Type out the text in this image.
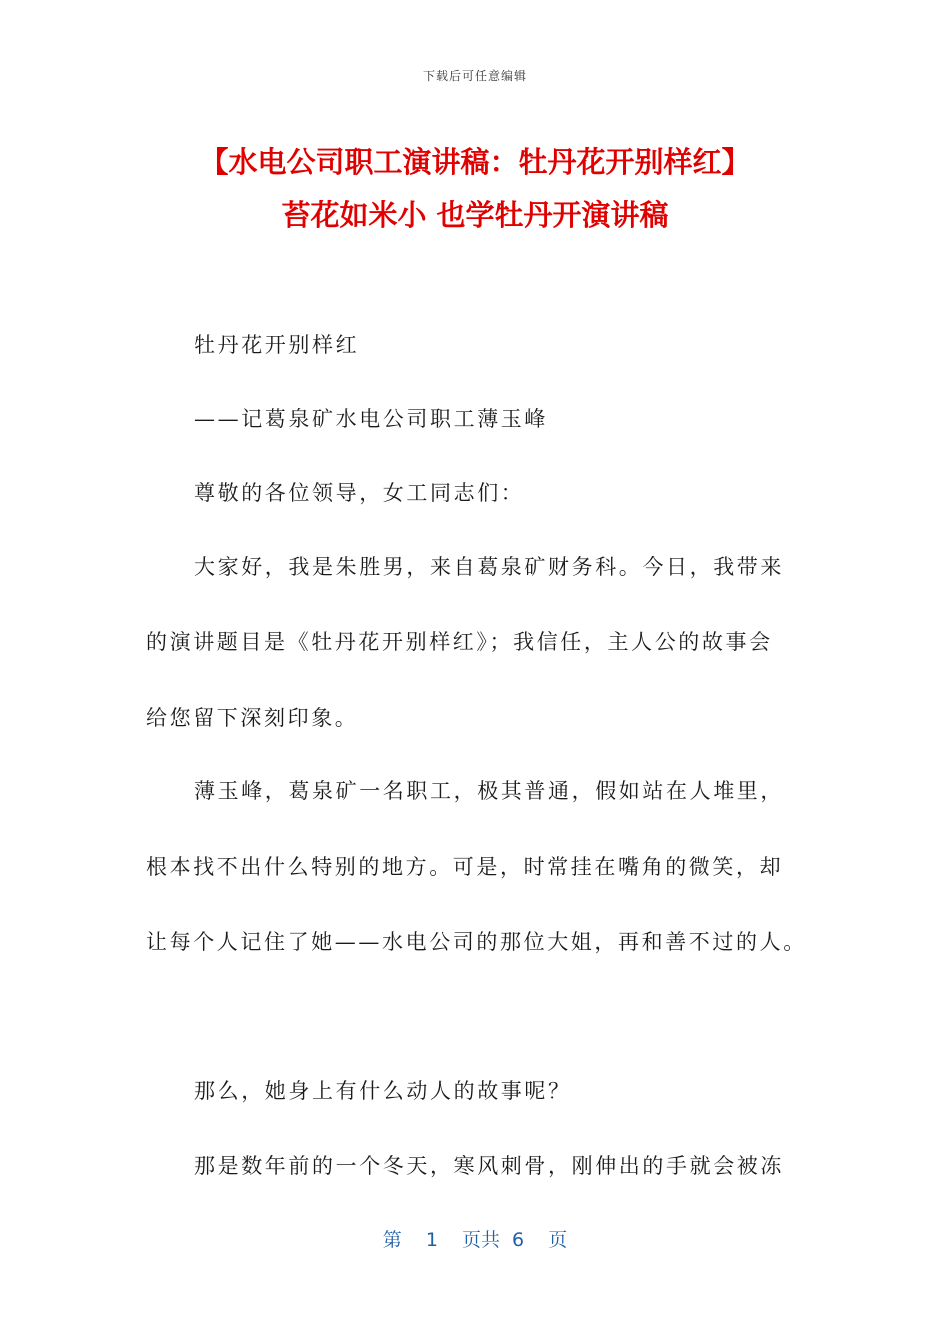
下载后可任意编辑
【水电公司职工演讲稿：牡丹花开别样红】
苔花如米小 也学牡丹开演讲稿
牡丹花开别样红
——记葛泉矿水电公司职工薄玉峰
尊敬的各位领导，女工同志们：
大家好，我是朱胜男，来自葛泉矿财务科。今日，我带来
的演讲题目是《牡丹花开别样红》；我信任，主人公的故事会
给您留下深刻印象。
薄玉峰，葛泉矿一名职工，极其普通，假如站在人堆里，
根本找不出什么特别的地方。可是，时常挂在嘴角的微笑，却
让每个人记住了她——水电公司的那位大姐，再和善不过的人。
那么，她身上有什么动人的故事呢？
那是数年前的一个冬天，寒风刺骨，刚伸出的手就会被冻
第  1  页共 6  页
